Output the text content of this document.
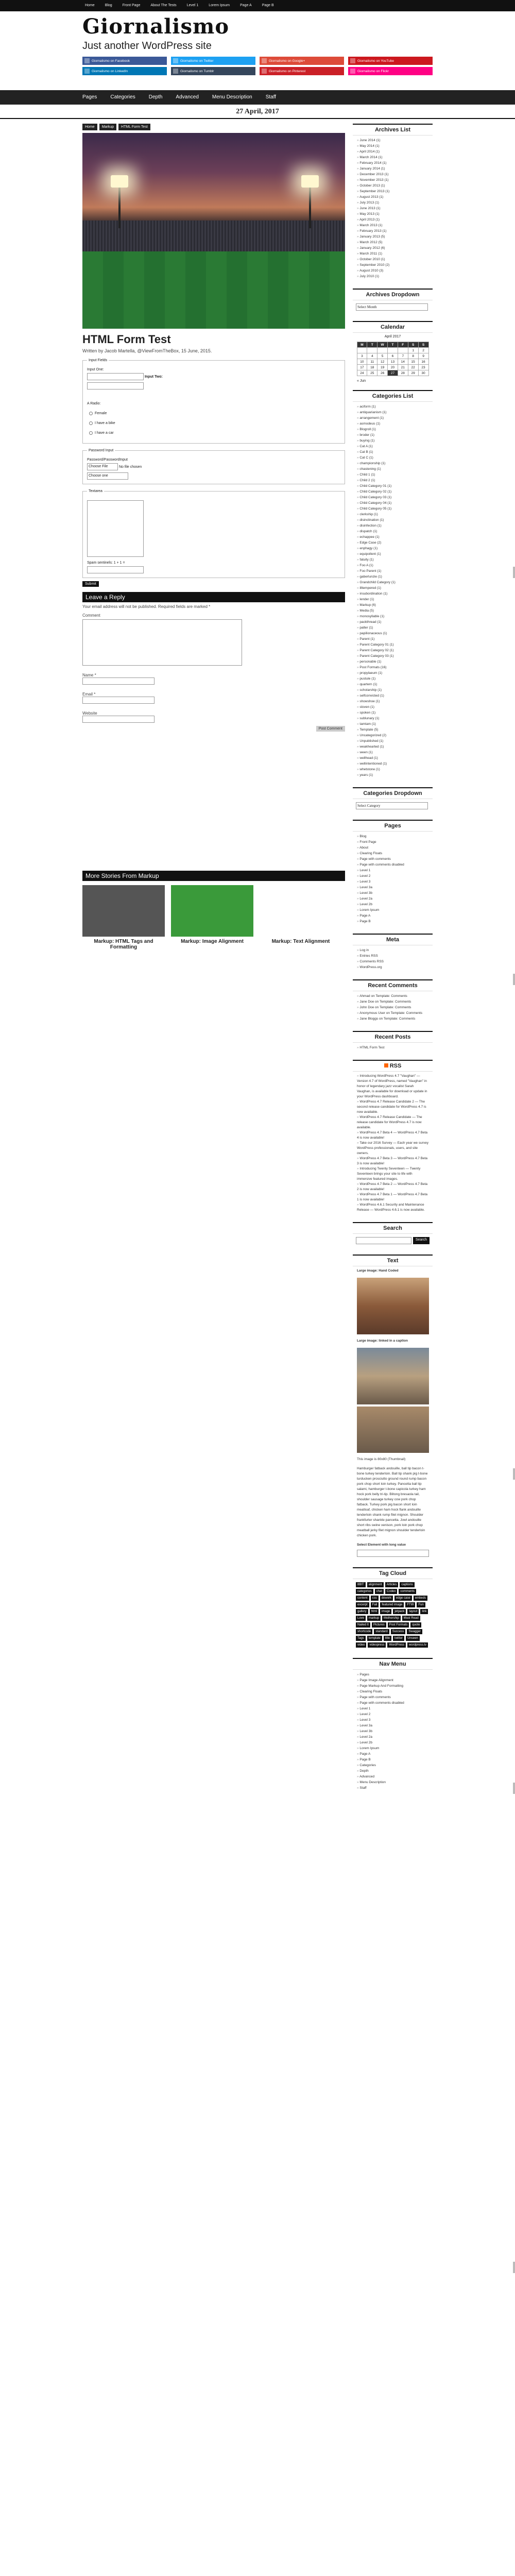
Home	Blog	Front Page	About The Tests	Level 1	Lorem Ipsum	Page A	Page B
Giornalismo
Just another WordPress site
Giornalismo on Facebook	Giornalismo on Twitter	Giornalismo on Google+	Giornalismo on YouTube
Giornalismo on LinkedIn	Giornalismo on Tumblr	Giornalismo on Pinterest	Giornalismo on Flickr
Pages	Categories	Depth	Advanced	Menu Description	Staff
27 April, 2017
Home	Markup	HTML Form Test
HTML Form Test
Written by Jacob Martella, @ViewFromTheBox, 15 June, 2015.
Input Fields
Input One:
Input Two:

A Radio:
Female
I have a bike
I have a car
Password Input
Password/PasswordInput
Choose File	No file chosen
Choose one
Textarea
Spam sentinels: 1 + 1 =
Submit
Leave a Reply
Your email address will not be published. Required fields are marked *
Comment
Name *
Email *
Website
Post Comment
More Stories From Markup
Markup: HTML Tags and Formatting
Markup: Image Alignment	Markup: Text Alignment
Archives List
» June 2014 (1)
» May 2014 (1)
» April 2014 (1)
» March 2014 (1)
» February 2014 (1)
» January 2014 (1)
» December 2013 (1)
» November 2013 (1)
» October 2013 (1)
» September 2013 (1)
» August 2013 (1)
» July 2013 (1)
» June 2013 (1)
» May 2013 (1)
» April 2013 (1)
» March 2013 (1)
» February 2013 (1)
» January 2013 (5)
» March 2012 (5)
» January 2012 (6)
» March 2011 (1)
» October 2010 (1)
» September 2010 (2)
» August 2010 (3)
» July 2010 (1)
Archives Dropdown
Select Month
Calendar
April 2017
M	T	W	T	F	S	S
					1	2
3	4	5	6	7	8	9
10	11	12	13	14	15	16
17	18	19	20	21	22	23
24	25	26	27	28	29	30
« Jun
Categories List
» aciform (1)
» antiquarianism (1)
» arrangement (1)
» asmodeus (1)
» Blogroll (1)
» broder (1)
» buying (1)
» Cat A (1)
» Cat B (1)
» Cat C (1)
» championship (1)
» chastening (1)
» Child 1 (1)
» Child 2 (1)
» Child Category 01 (1)
» Child Category 02 (1)
» Child Category 03 (1)
» Child Category 04 (1)
» Child Category 05 (1)
» clerkship (1)
» disinclination (1)
» disinfection (1)
» dispatch (1)
» echappee (1)
» Edge Case (2)
» enphagy (1)
» equipollent (1)
» fatuity (1)
» Foo A (1)
» Foo Parent (1)
» gaberlunzie (1)
» Grandchild Category (1)
» illtempered (1)
» insubordination (1)
» lender (1)
» Markup (6)
» Media (5)
» monosyllable (1)
» packthread (1)
» palter (1)
» papilionaceous (1)
» Parent (1)
» Parent Category 01 (1)
» Parent Category 02 (1)
» Parent Category 03 (1)
» personable (1)
» Post Formats (16)
» propylaeum (1)
» pustule (1)
» quartern (1)
» scholarship (1)
» selfconvicted (1)
» showshoe (1)
» sloven (1)
» spoken (1)
» sublunary (1)
» tamtam (1)
» Template (5)
» Uncategorized (2)
» Unpublished (1)
» weakhearted (1)
» ween (1)
» wellhead (1)
» wellintentioned (1)
» whetstone (1)
» years (1)
Categories Dropdown
Select Category
Pages
» Blog
» Front Page
» About
» Clearing Floats
» Page with comments
» Page with comments disabled
» Level 1
» Level 2
» Level 3
» Level 3a
» Level 3b
» Level 2a
» Level 2b
» Lorem Ipsum
» Page A
» Page B
Meta
» Log in
» Entries RSS
» Comments RSS
» WordPress.org
Recent Comments
» Ahmad on Template: Comments
» Jane Doe on Template: Comments
» John Doe on Template: Comments
» Anonymous User on Template: Comments
» Jane Bloggs on Template: Comments
Recent Posts
» HTML Form Test
RSS
» Introducing WordPress 4.7 "Vaughan" — Version 4.7 of WordPress, named "Vaughan" in honor of legendary jazz vocalist Sarah Vaughan, is available for download or update in your WordPress dashboard.
» WordPress 4.7 Release Candidate 2 — The second release candidate for WordPress 4.7 is now available.
» WordPress 4.7 Release Candidate — The release candidate for WordPress 4.7 is now available.
» WordPress 4.7 Beta 4 — WordPress 4.7 Beta 4 is now available!
» Take our 2016 Survey — Each year we survey WordPress professionals, users, and site owners.
» WordPress 4.7 Beta 3 — WordPress 4.7 Beta 3 is now available!
» Introducing Twenty Seventeen — Twenty Seventeen brings your site to life with immersive featured images.
» WordPress 4.7 Beta 2 — WordPress 4.7 Beta 2 is now available!
» WordPress 4.7 Beta 1 — WordPress 4.7 Beta 1 is now available!
» WordPress 4.6.1 Security and Maintenance Release — WordPress 4.6.1 is now available.
Search
Search
Text
Large image: Hand Coded
Large image: linked in a caption
This image is 80x80 (Thumbnail)
Hamburger fatback andouille, ball tip bacon t-bone turkey tenderloin. Ball tip shank pig t-bone turducken prosciutto ground round rump bacon pork chop short loin turkey. Pancetta ball tip salami, hamburger t-bone capicola turkey ham hock pork belly tri-tip. Biltong bresaola tail, shoulder sausage turkey cow pork chop fatback. Turkey pork pig bacon short loin meatloaf, chicken ham hock flank andouille tenderloin shank rump filet mignon. Shoulder frankfurter shankle pancetta. Jowl andouille short ribs swine venison, pork loin pork chop meatball jerky filet mignon shoulder tenderloin chicken pork.
Select Element with long value
Tag Cloud
8BIT	alignment	Articles	captions
categories	chat	Codex	comments
content	css	dowork	edge case	embeds
excerpt	Fail	featured image	FTW	Fun
gallery	html	image	jetpack	layout	link
Love	markup	Mothership	Must Read
Nailed It	Pictures	Post Formats	quote
shortcode	standard	Success	Swagger
Tags	template	title	twitter	Unseen
video	videopress	WordPress	wordpress.tv
Nav Menu
» Pages
» Page Image Alignment
» Page Markup And Formatting
» Clearing Floats
» Page with comments
» Page with comments disabled
» Level 1
» Level 2
» Level 3
» Level 3a
» Level 3b
» Level 2a
» Level 2b
» Lorem Ipsum
» Page A
» Page B
» Categories
» Depth
» Advanced
» Menu Description
» Staff
